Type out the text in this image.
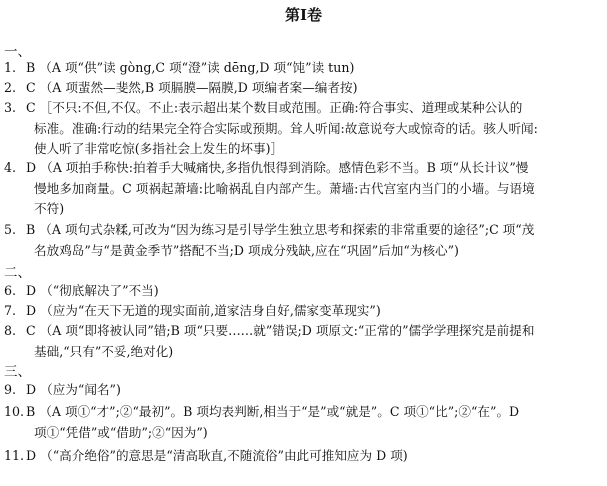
第Ⅰ卷
一、
1. B （A 项“供”读 gòng,C 项“澄”读 dēng,D 项“饨”读 tun)
2. C （A 项蜚然—斐然,B 项膈膜—隔膜,D 项编者案—编者按)
3. C ［不只:不但,不仅。不止:表示超出某个数目或范围。正确:符合事实、道理或某种公认的
标准。准确:行动的结果完全符合实际或预期。耸人听闻:故意说夸大或惊奇的话。骇人听闻:
使人听了非常吃惊(多指社会上发生的坏事)］
4. D （A 项拍手称快:拍着手大喊痛快,多指仇恨得到消除。感情色彩不当。B 项“从长计议”慢
慢地多加商量。C 项祸起萧墙:比喻祸乱自内部产生。萧墙:古代宫室内当门的小墙。与语境
不符)
5. B （A 项句式杂糅,可改为“因为练习是引导学生独立思考和探索的非常重要的途径”;C 项“茂
名放鸡岛”与“是黄金季节”搭配不当;D 项成分残缺,应在“巩固”后加“为核心”)
二、
6. D （“彻底解决了”不当)
7. D （应为“在天下无道的现实面前,道家洁身自好,儒家变革现实”)
8. C （A 项“即将被认同”错;B 项“只要……就”错误;D 项原文:“正常的”儒学学理探究是前提和
基础,“只有”不妥,绝对化)
三、
9. D （应为“闻名”)
10. B （A 项①“才”;②“最初”。B 项均表判断,相当于“是”或“就是”。C 项①“比”;②“在”。D
项①“凭借”或“借助”;②“因为”)
11. D （“高介绝俗”的意思是“清高耿直,不随流俗”由此可推知应为 D 项)
